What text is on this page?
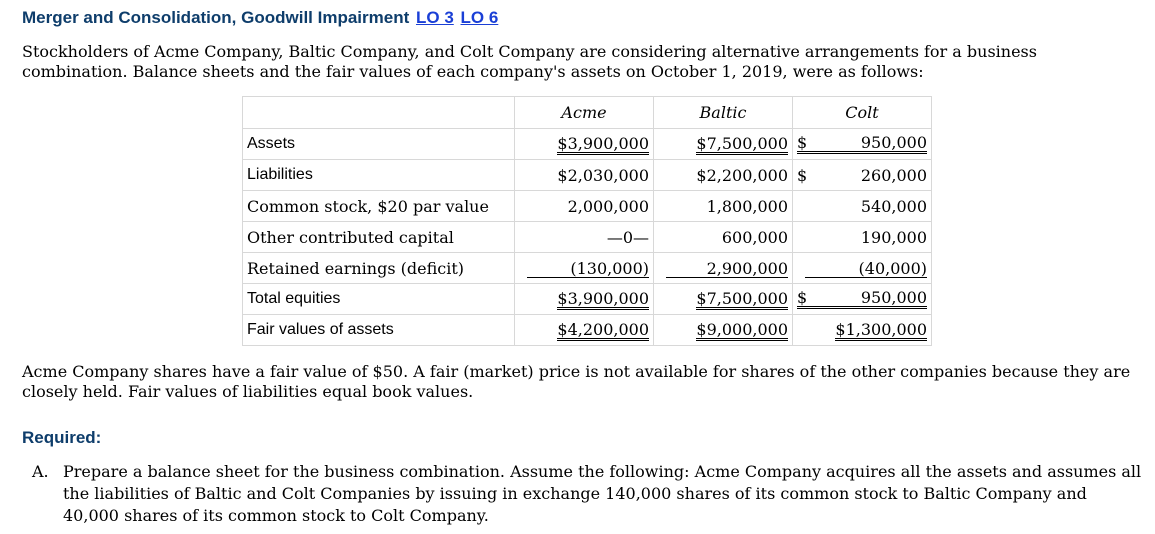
Merger and Consolidation, Goodwill Impairment LO 3 LO 6
Stockholders of Acme Company, Baltic Company, and Colt Company are considering alternative arrangements for a business combination. Balance sheets and the fair values of each company's assets on October 1, 2019, were as follows:
	Acme	Baltic	Colt
Assets	$3,900,000	$7,500,000	$ 950,000

Liabilities	$2,030,000	$2,200,000	$ 260,000

Common stock, $20 par value	2,000,000	1,800,000	540,000
Other contributed capital	—0—	600,000	190,000
Retained earnings (deficit)	(130,000)	2,900,000	(40,000)
Total equities	$3,900,000	$7,500,000	$ 950,000

Fair values of assets	$4,200,000	$9,000,000	$1,300,000
Acme Company shares have a fair value of $50. A fair (market) price is not available for shares of the other companies because they are closely held. Fair values of liabilities equal book values.
Required:
A. Prepare a balance sheet for the business combination. Assume the following: Acme Company acquires all the assets and assumes all the liabilities of Baltic and Colt Companies by issuing in exchange 140,000 shares of its common stock to Baltic Company and 40,000 shares of its common stock to Colt Company.
